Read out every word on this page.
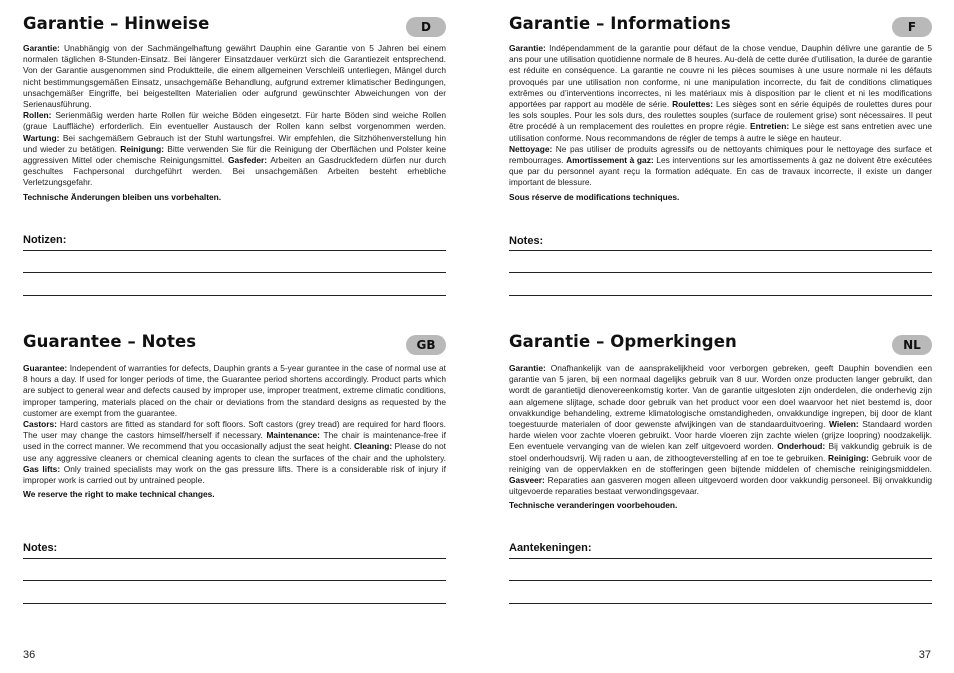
Garantie – Hinweise	D

Garantie: Unabhängig von der Sachmängelhaftung gewährt Dauphin eine Garantie von 5 Jahren bei einem normalen täglichen 8-Stunden-Einsatz. Bei längerer Einsatzdauer verkürzt sich die Garantiezeit entsprechend. Von der Garantie ausgenommen sind Produktteile, die einem allgemeinen Verschleiß unterliegen, Mängel durch nicht bestimmungsgemäßen Einsatz, unsachgemäße Behandlung, aufgrund extremer klimatischer Bedingungen, unsachgemäßer Eingriffe, bei beigestellten Materialien oder aufgrund gewünschter Abweichungen von der Serienausführung.
Rollen: Serienmäßig werden harte Rollen für weiche Böden eingesetzt. Für harte Böden sind weiche Rollen (graue Lauffläche) erforderlich. Ein eventueller Austausch der Rollen kann selbst vorgenommen werden. Wartung: Bei sachgemäßem Gebrauch ist der Stuhl wartungsfrei. Wir empfehlen, die Sitzhöhenverstellung hin und wieder zu betätigen. Reinigung: Bitte verwenden Sie für die Reinigung der Oberflächen und Polster keine aggressiven Mittel oder chemische Reinigungsmittel. Gasfeder: Arbeiten an Gasdruckfedern dürfen nur durch geschultes Fachpersonal durchgeführt werden. Bei unsachgemäßen Arbeiten besteht erhebliche Verletzungsgefahr.
Technische Änderungen bleiben uns vorbehalten.

Notizen:
Garantie – Informations	F

Garantie: Indépendamment de la garantie pour défaut de la chose vendue, Dauphin délivre une garantie de 5 ans pour une utilisation quotidienne normale de 8 heures. Au-delà de cette durée d’utilisation, la durée de garantie est réduite en conséquence. La garantie ne couvre ni les pièces soumises à une usure normale ni les défauts provoqués par une utilisation non conforme, ni une manipulation incorrecte, du fait de conditions climatiques extrêmes ou d’interventions incorrectes, ni les matériaux mis à disposition par le client et ni les modifications apportées par rapport au modèle de série. Roulettes: Les sièges sont en série équipés de roulettes dures pour les sols souples. Pour les sols durs, des roulettes souples (surface de roulement grise) sont nécessaires. Il peut être procédé à un remplacement des roulettes en propre régie. Entretien: Le siège est sans entretien avec une utilisation conforme. Nous recommandons de régler de temps à autre le siège en hauteur.
Nettoyage: Ne pas utiliser de produits agressifs ou de nettoyants chimiques pour le nettoyage des surface et rembourrages. Amortissement à gaz: Les interventions sur les amortissements à gaz ne doivent être exécutées que par du personnel ayant reçu la formation adéquate. En cas de travaux incorrecte, il existe un danger important de blessure.
Sous réserve de modifications techniques.

Notes:
Guarantee – Notes	GB

Guarantee: Independent of warranties for defects, Dauphin grants a 5-year gurantee in the case of normal use at 8 hours a day. If used for longer periods of time, the Guarantee period shortens accordingly. Product parts which are subject to general wear and defects caused by improper use, improper treatment, extreme climatic conditions, improper tampering, materials placed on the chair or deviations from the standard designs as requested by the customer are exempt from the guarantee.
Castors: Hard castors are fitted as standard for soft floors. Soft castors (grey tread) are required for hard floors. The user may change the castors himself/herself if necessary. Maintenance: The chair is maintenance-free if used in the correct manner. We recommend that you occasionally adjust the seat height. Cleaning: Please do not use any aggressive cleaners or chemical cleaning agents to clean the surfaces of the chair and the upholstery. Gas lifts: Only trained specialists may work on the gas pressure lifts. There is a considerable risk of injury if improper work is carried out by untrained people.
We reserve the right to make technical changes.

Notes:
Garantie – Opmerkingen	NL

Garantie: Onafhankelijk van de aansprakelijkheid voor verborgen gebreken, geeft Dauphin bovendien een garantie van 5 jaren, bij een normaal dagelijks gebruik van 8 uur. Worden onze producten langer gebruikt, dan wordt de garantietijd dienovereenkomstig korter. Van de garantie uitgesloten zijn onderdelen, die onderhevig zijn aan algemene slijtage, schade door gebruik van het product voor een doel waarvoor het niet bestemd is, door onvakkundige behandeling, extreme klimatologische omstandigheden, onvakkundige ingrepen, bij door de klant toegestuurde materialen of door gewenste afwijkingen van de standaarduitvoering. Wielen: Standaard worden harde wielen voor zachte vloeren gebruikt. Voor harde vloeren zijn zachte wielen (grijze loopring) noodzakelijk. Een eventuele vervanging van de wielen kan zelf uitgevoerd worden. Onderhoud: Bij vakkundig gebruik is de stoel onderhoudsvrij. Wij raden u aan, de zithoogteverstelling af en toe te gebruiken. Reiniging: Gebruik voor de reiniging van de oppervlakken en de stofferingen geen bijtende middelen of chemische reinigingsmiddelen. Gasveer: Reparaties aan gasveren mogen alleen uitgevoerd worden door vakkundig personeel. Bij onvakkundig uitgevoerde reparaties bestaat verwondingsgevaar.
Technische veranderingen voorbehouden.

Aantekeningen:
36	37
